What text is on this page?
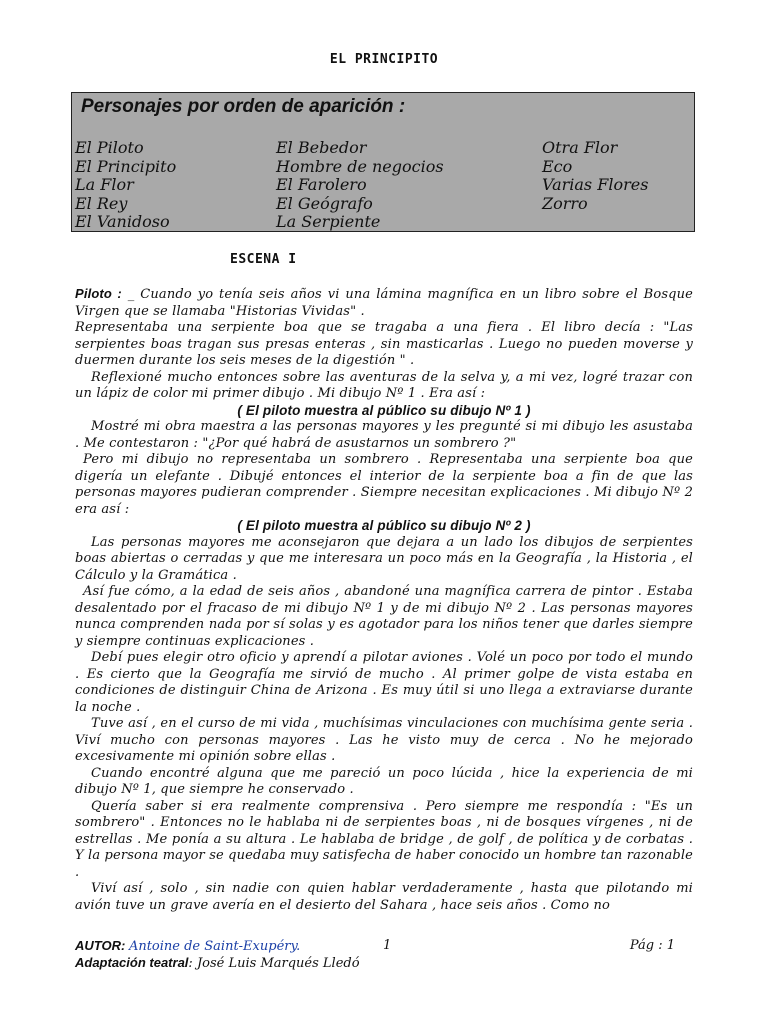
EL PRINCIPITO
Personajes por orden de aparición :
El Piloto
El Principito
La Flor
El Rey
El Vanidoso
El Bebedor
Hombre de negocios
El Farolero
El Geógrafo
La Serpiente
Otra Flor
Eco
Varias Flores
Zorro
ESCENA I

Piloto : _ Cuando yo tenía seis años vi una lámina magnífica en un libro sobre el Bosque Virgen que se llamaba "Historias Vividas" .

Representaba una serpiente boa que se tragaba a una fiera . El libro decía : "Las serpientes boas tragan sus presas enteras , sin masticarlas . Luego no pueden moverse y duermen durante los seis meses de la digestión " .

Reflexioné mucho entonces sobre las aventuras de la selva y, a mi vez, logré trazar con un lápiz de color mi primer dibujo . Mi dibujo Nº 1 . Era así :

( El piloto muestra al público su dibujo Nº 1 )

Mostré mi obra maestra a las personas mayores y les pregunté si mi dibujo les asustaba . Me contestaron : "¿Por qué habrá de asustarnos un sombrero ?"

Pero mi dibujo no representaba un sombrero . Representaba una serpiente boa que digería un elefante . Dibujé entonces el interior de la serpiente boa a fin de que las personas mayores pudieran comprender . Siempre necesitan explicaciones . Mi dibujo Nº 2 era así :

( El piloto muestra al público su dibujo Nº 2 )

Las personas mayores me aconsejaron que dejara a un lado los dibujos de serpientes boas abiertas o cerradas y que me interesara un poco más en la Geografía , la Historia , el Cálculo y la Gramática .

Así fue cómo, a la edad de seis años , abandoné una magnífica carrera de pintor . Estaba desalentado por el fracaso de mi dibujo Nº 1 y de mi dibujo Nº 2 . Las personas mayores nunca comprenden nada por sí solas y es agotador para los niños tener que darles siempre y siempre continuas explicaciones .

Debí pues elegir otro oficio y aprendí a pilotar aviones . Volé un poco por todo el mundo . Es cierto que la Geografía me sirvió de mucho . Al primer golpe de vista estaba en condiciones de distinguir China de Arizona . Es muy útil si uno llega a extraviarse durante la noche .

Tuve así , en el curso de mi vida , muchísimas vinculaciones con muchísima gente seria . Viví mucho con personas mayores . Las he visto muy de cerca . No he mejorado excesivamente mi opinión sobre ellas .

Cuando encontré alguna que me pareció un poco lúcida , hice la experiencia de mi dibujo Nº 1, que siempre he conservado .

Quería saber si era realmente comprensiva . Pero siempre me respondía : "Es un sombrero" . Entonces no le hablaba ni de serpientes boas , ni de bosques vírgenes , ni de estrellas . Me ponía a su altura . Le hablaba de bridge , de golf , de política y de corbatas . Y la persona mayor se quedaba muy satisfecha de haber conocido un hombre tan razonable .

Viví así , solo , sin nadie con quien hablar verdaderamente , hasta que pilotando mi avión tuve un grave avería en el desierto del Sahara , hace seis años . Como no

AUTOR: Antoine de Saint-Exupéry.	1	Pág : 1
Adaptación teatral: José Luis Marqués Lledó
